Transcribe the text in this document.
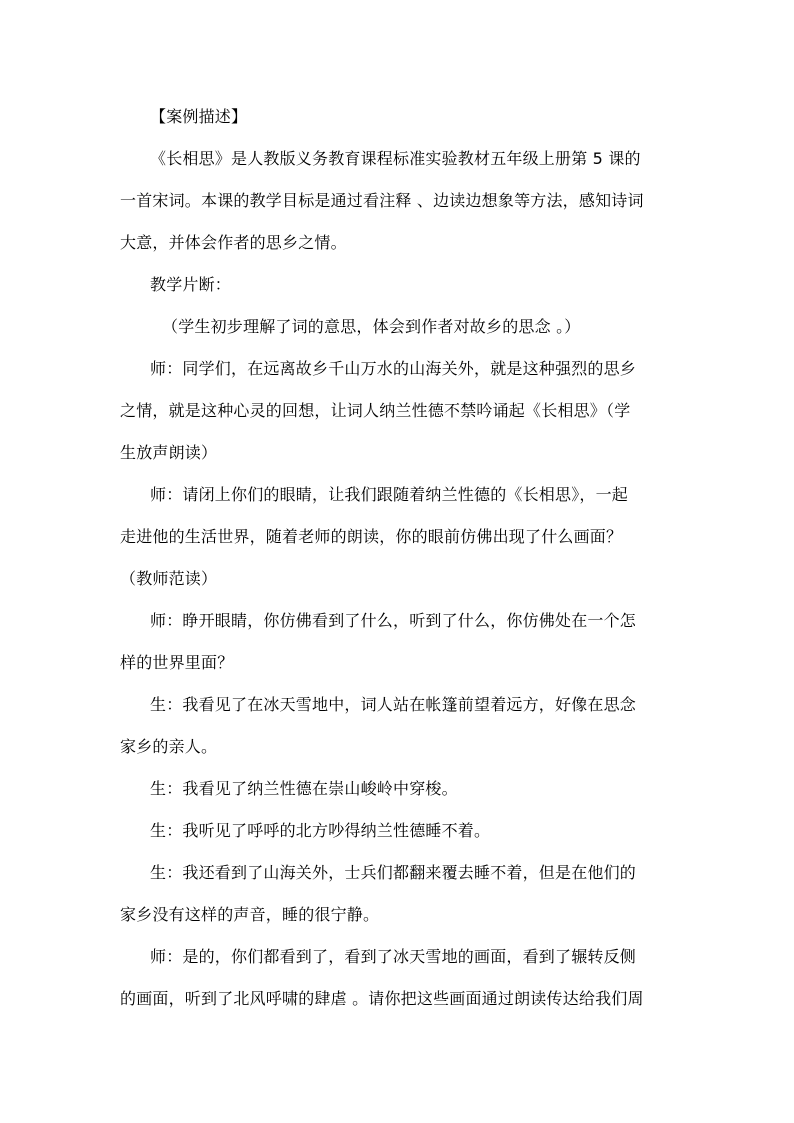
【案例描述】
《长相思》是人教版义务教育课程标准实验教材五年级上册第 5 课的
一首宋词。本课的教学目标是通过看注释 、边读边想象等方法，感知诗词
大意，并体会作者的思乡之情。
教学片断：
（学生初步理解了词的意思，体会到作者对故乡的思念 。）
师：同学们，在远离故乡千山万水的山海关外，就是这种强烈的思乡
之情，就是这种心灵的回想，让词人纳兰性德不禁吟诵起《长相思》（学
生放声朗读）
师：请闭上你们的眼睛，让我们跟随着纳兰性德的《长相思》，一起
走进他的生活世界，随着老师的朗读，你的眼前仿佛出现了什么画面？
（教师范读）
师：睁开眼睛，你仿佛看到了什么，听到了什么，你仿佛处在一个怎
样的世界里面？
生：我看见了在冰天雪地中，词人站在帐篷前望着远方，好像在思念
家乡的亲人。
生：我看见了纳兰性德在崇山峻岭中穿梭。
生：我听见了呼呼的北方吵得纳兰性德睡不着。
生：我还看到了山海关外，士兵们都翻来覆去睡不着，但是在他们的
家乡没有这样的声音，睡的很宁静。
师：是的，你们都看到了，看到了冰天雪地的画面，看到了辗转反侧
的画面，听到了北风呼啸的肆虐 。请你把这些画面通过朗读传达给我们周
